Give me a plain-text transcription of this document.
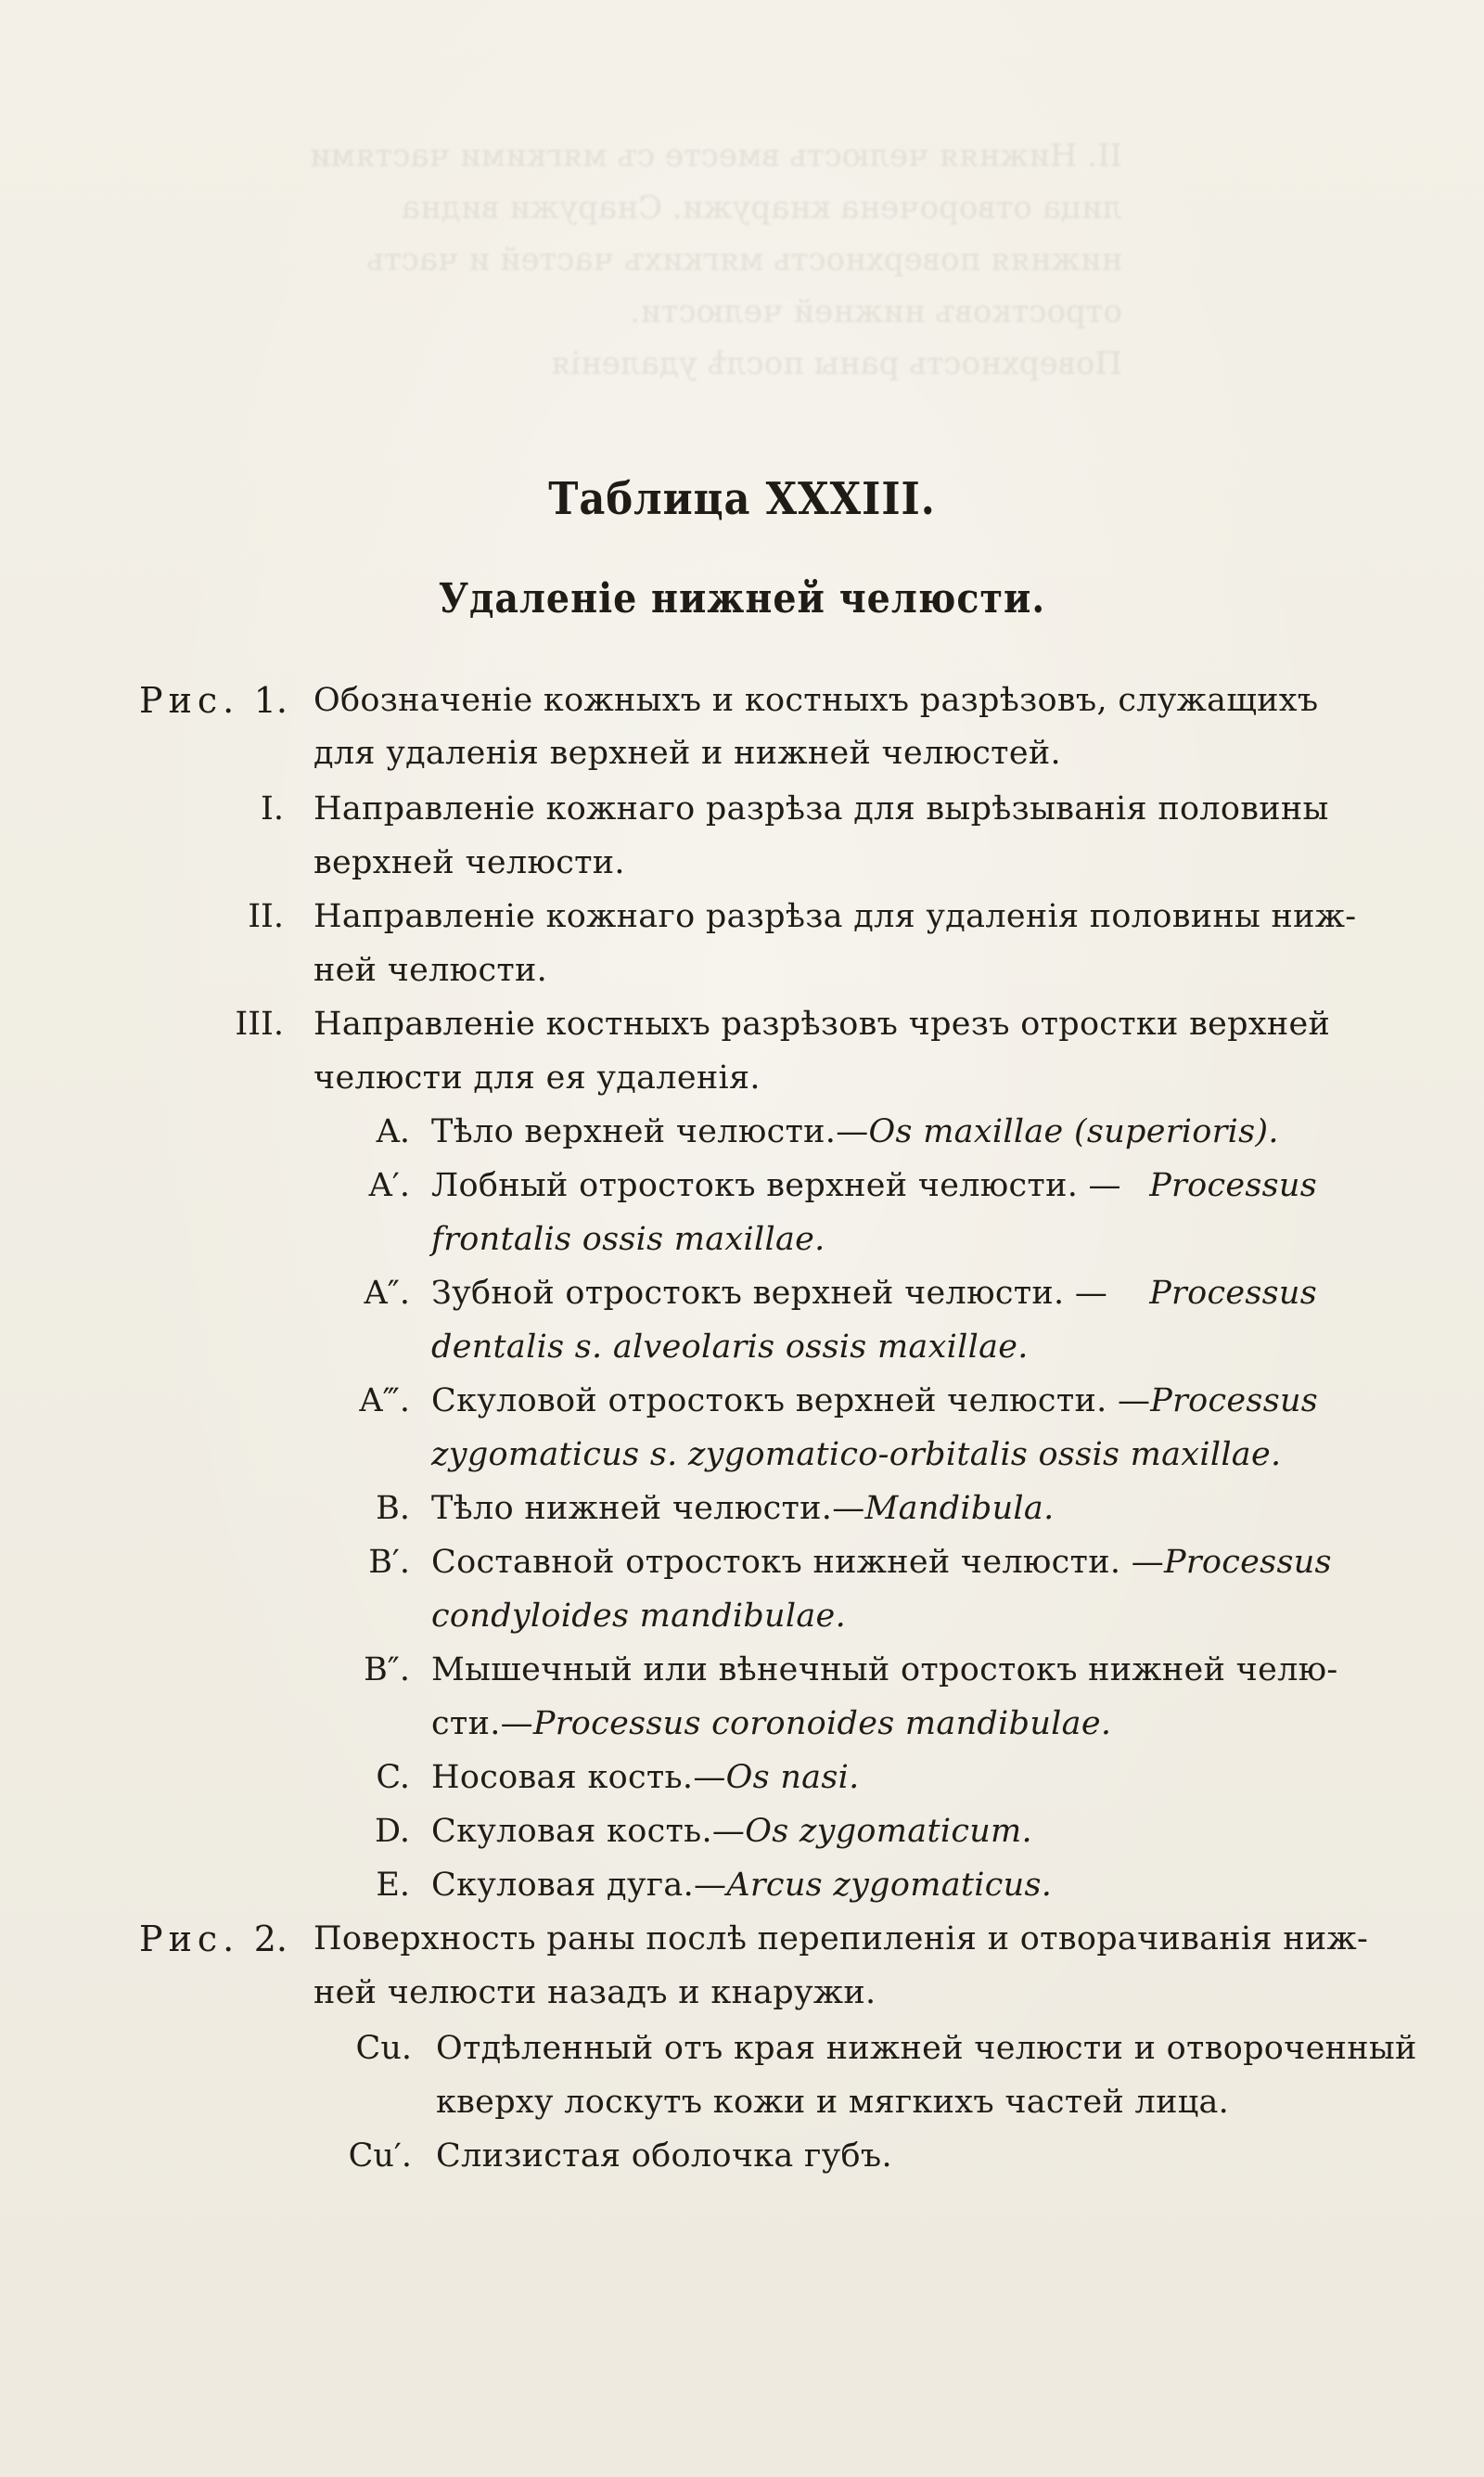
II. Нижняя челюсть вместе съ мягкими частями
лица отворочена кнаружи. Снаружи видна
нижняя поверхность мягкихъ частей и часть
отростковъ нижней челюсти.
Поверхность раны послѣ удаленія
Таблица XXXIII.
Удаленіе нижней челюсти.
Рис. 1. Обозначеніе кожныхъ и костныхъ разрѣзовъ, служащихъ
для удаленія верхней и нижней челюстей.
I. Направленіе кожнаго разрѣза для вырѣзыванія половины
верхней челюсти.
II. Направленіе кожнаго разрѣза для удаленія половины ниж-
ней челюсти.
III. Направленіе костныхъ разрѣзовъ чрезъ отростки верхней
челюсти для ея удаленія.
A. Тѣло верхней челюсти.—Os maxillae (superioris).
A′. Лобный отростокъ верхней челюсти. — Processus
frontalis ossis maxillae.
A″. Зубной отростокъ верхней челюсти. — Processus
dentalis s. alveolaris ossis maxillae.
A‴. Скуловой отростокъ верхней челюсти. — Processus
zygomaticus s. zygomatico-orbitalis ossis maxillae.
B. Тѣло нижней челюсти.—Mandibula.
B′. Составной отростокъ нижней челюсти. — Processus
condyloides mandibulae.
B″. Мышечный или вѣнечный отростокъ нижней челю-
сти.—Processus coronoides mandibulae.
C. Носовая кость.—Os nasi.
D. Скуловая кость.—Os zygomaticum.
E. Скуловая дуга.—Arcus zygomaticus.
Рис. 2. Поверхность раны послѣ перепиленія и отворачиванія ниж-
ней челюсти назадъ и кнаружи.
Cu. Отдѣленный отъ края нижней челюсти и отвороченный
кверху лоскутъ кожи и мягкихъ частей лица.
Cu′. Слизистая оболочка губъ.
